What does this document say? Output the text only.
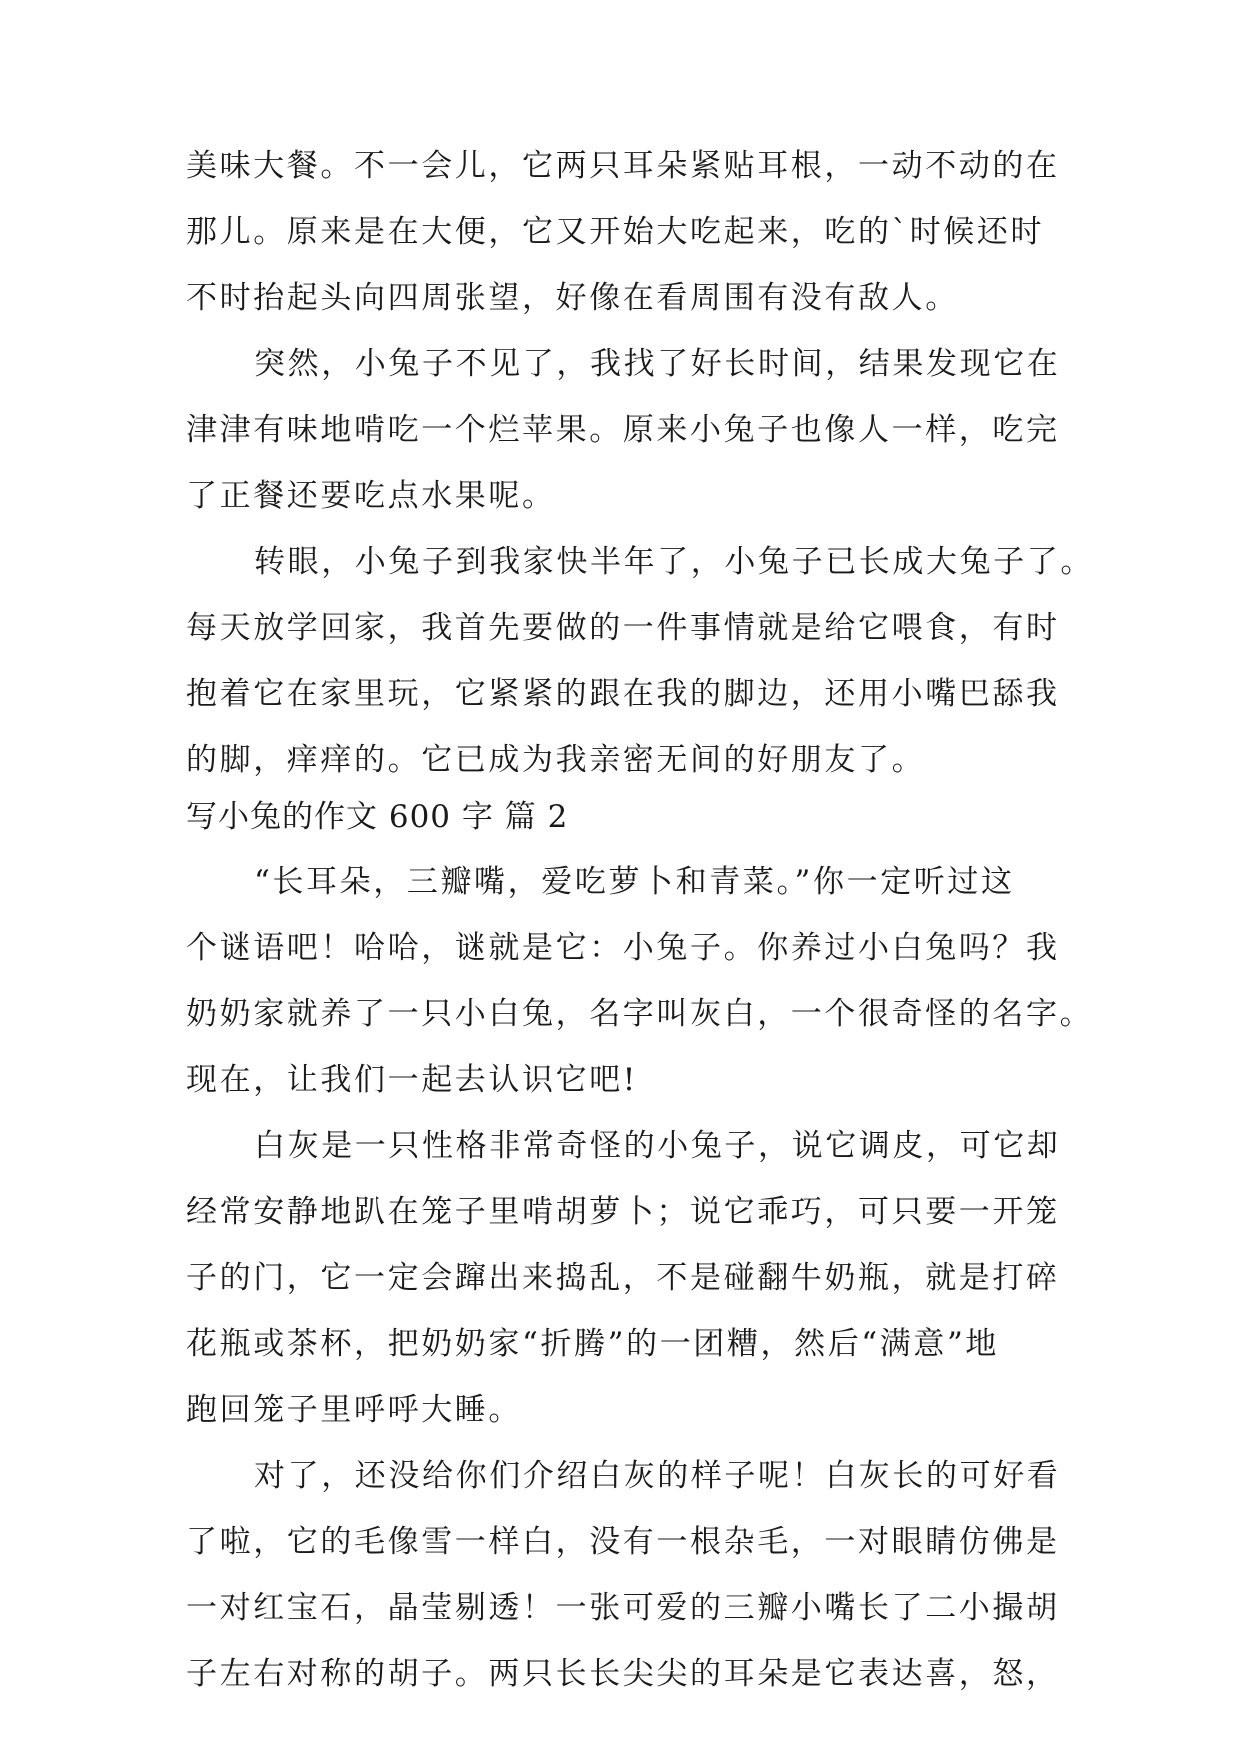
美味大餐。不一会儿，它两只耳朵紧贴耳根，一动不动的在
那儿。原来是在大便，它又开始大吃起来，吃的`时候还时
不时抬起头向四周张望，好像在看周围有没有敌人。
突然，小兔子不见了，我找了好长时间，结果发现它在
津津有味地啃吃一个烂苹果。原来小兔子也像人一样，吃完
了正餐还要吃点水果呢。
转眼，小兔子到我家快半年了，小兔子已长成大兔子了。
每天放学回家，我首先要做的一件事情就是给它喂食，有时
抱着它在家里玩，它紧紧的跟在我的脚边，还用小嘴巴舔我
的脚，痒痒的。它已成为我亲密无间的好朋友了。
写小兔的作文 600 字 篇 2
“长耳朵，三瓣嘴，爱吃萝卜和青菜。”你一定听过这
个谜语吧！哈哈，谜就是它：小兔子。你养过小白兔吗？我
奶奶家就养了一只小白兔，名字叫灰白，一个很奇怪的名字。
现在，让我们一起去认识它吧!
白灰是一只性格非常奇怪的小兔子，说它调皮，可它却
经常安静地趴在笼子里啃胡萝卜；说它乖巧，可只要一开笼
子的门，它一定会蹿出来捣乱，不是碰翻牛奶瓶，就是打碎
花瓶或茶杯，把奶奶家“折腾”的一团糟，然后“满意”地
跑回笼子里呼呼大睡。
对了，还没给你们介绍白灰的样子呢！白灰长的可好看
了啦，它的毛像雪一样白，没有一根杂毛，一对眼睛仿佛是
一对红宝石，晶莹剔透！一张可爱的三瓣小嘴长了二小撮胡
子左右对称的胡子。两只长长尖尖的耳朵是它表达喜，怒，
